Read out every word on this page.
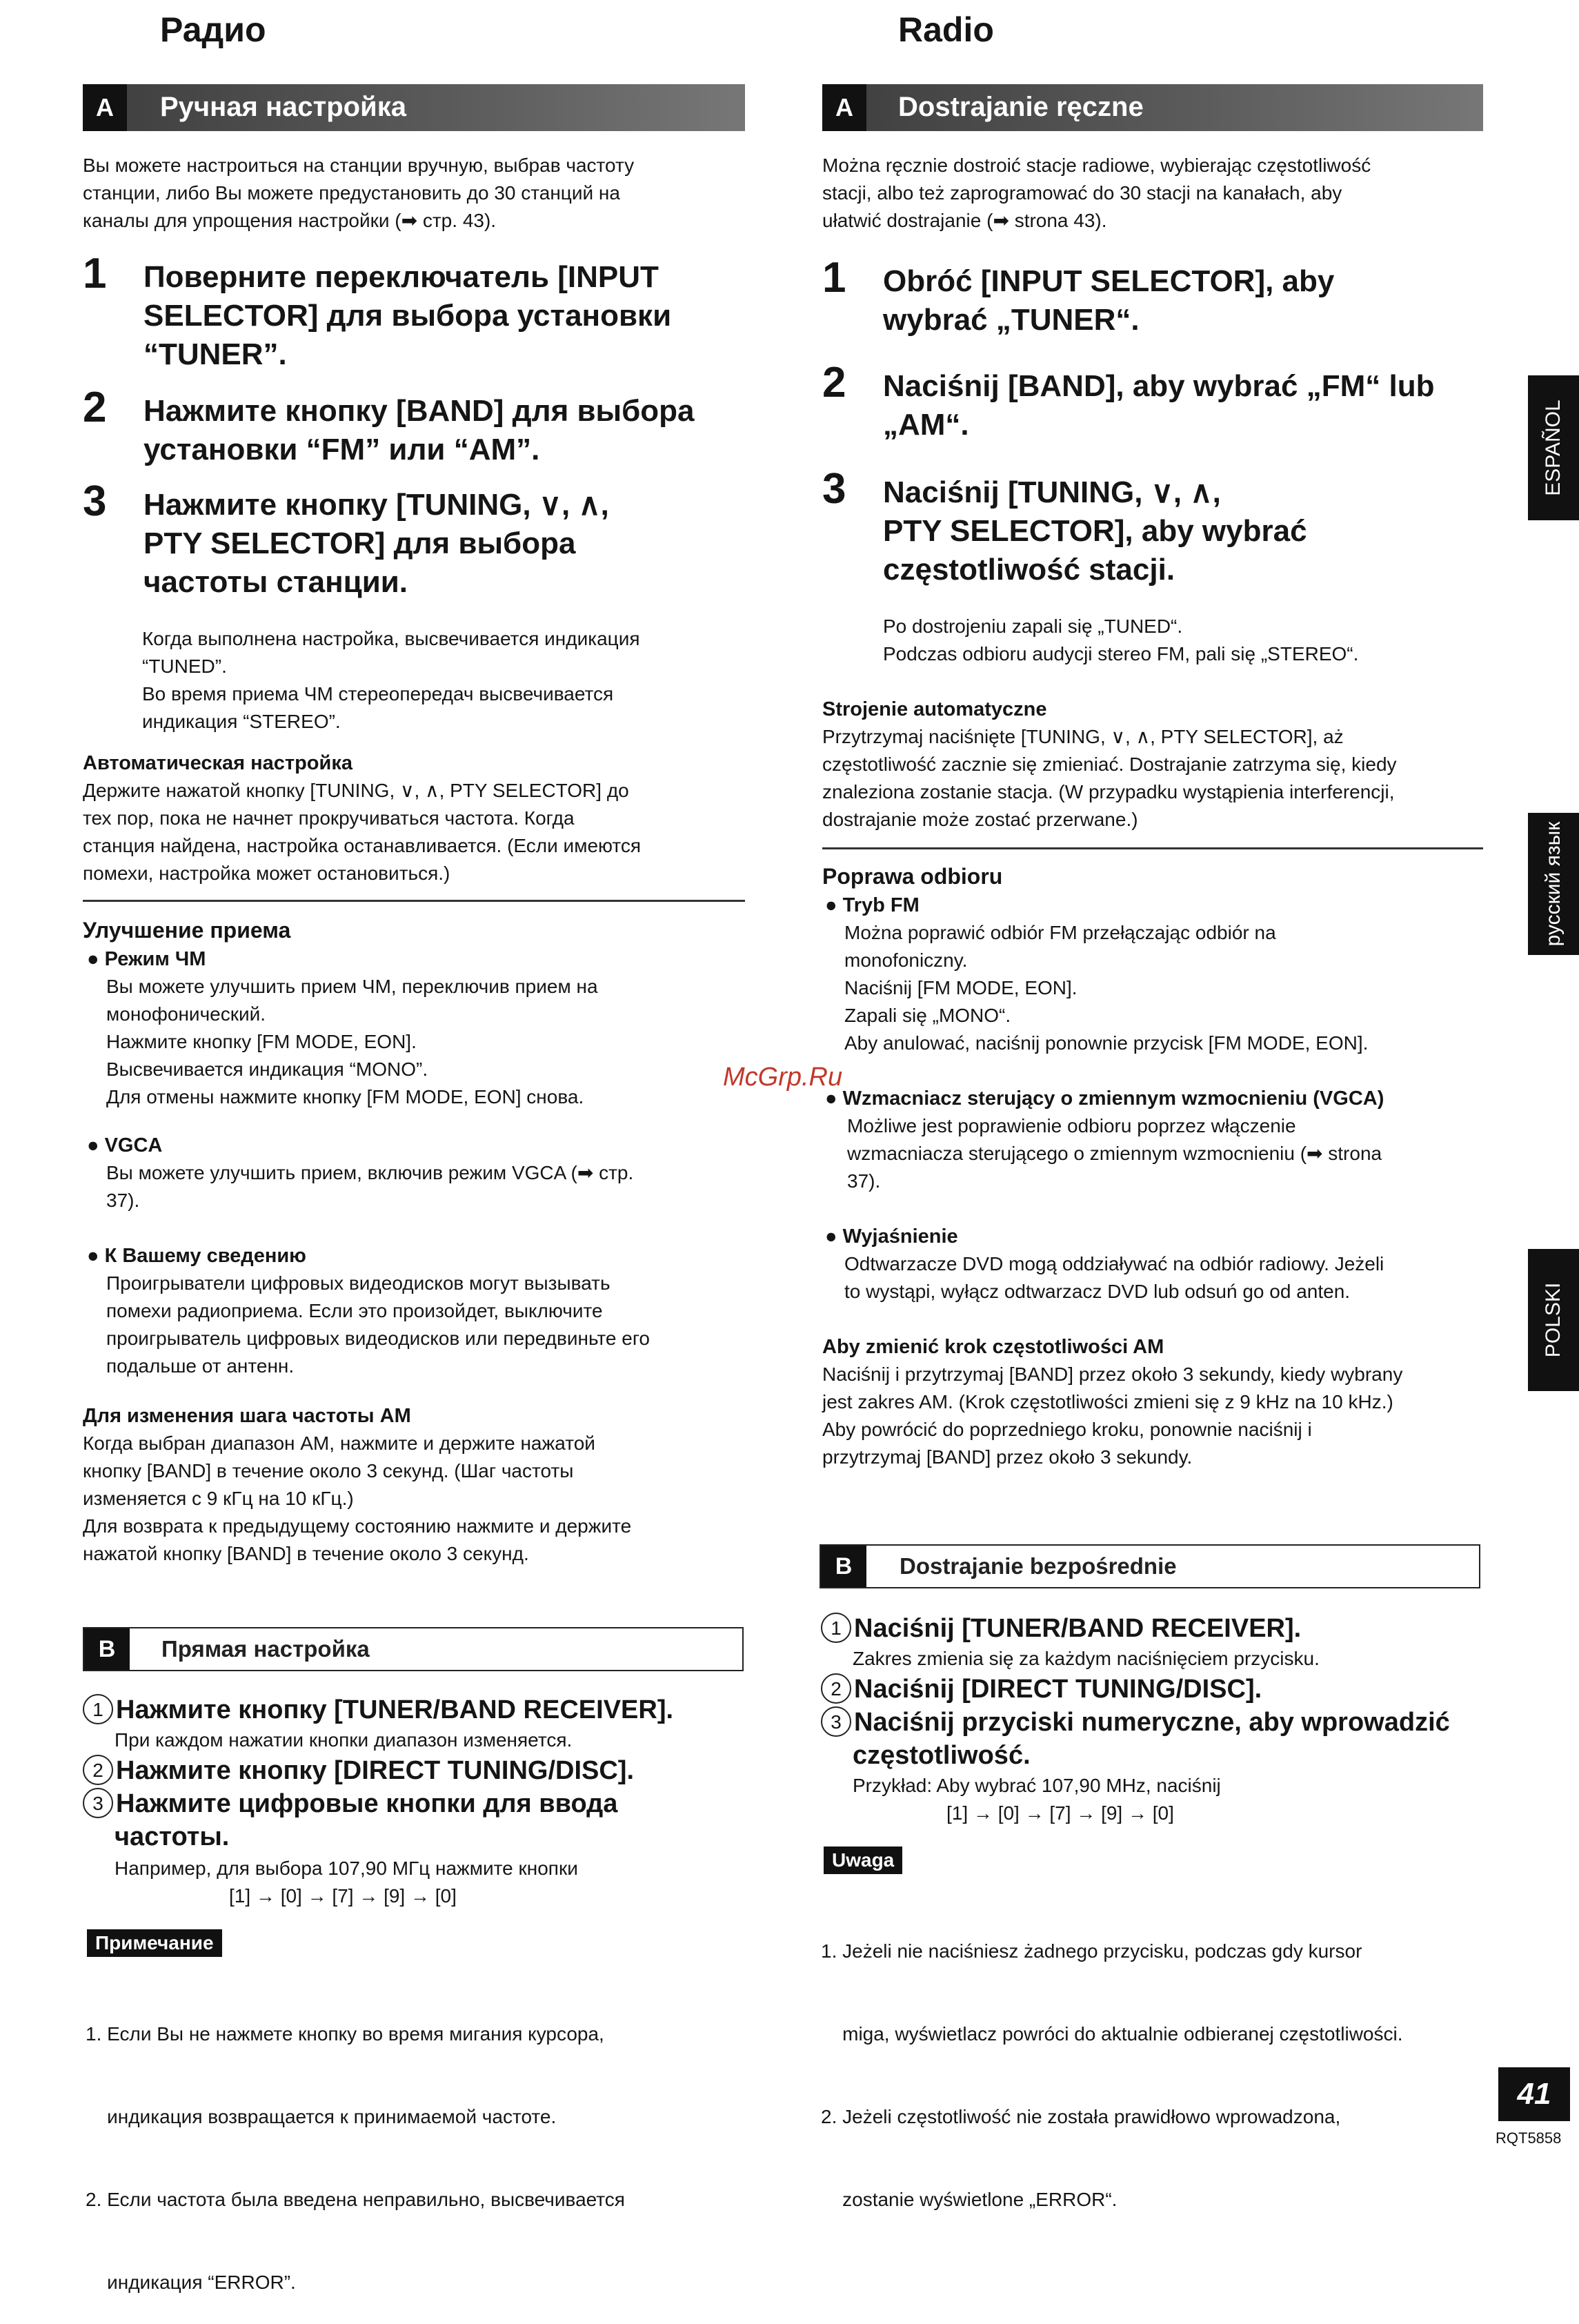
Радио
A	Ручная настройка

Вы можете настроиться на станции вручную, выбрав частоту

станции, либо Вы можете предустановить до 30 станций на

каналы для упрощения настройки (➡ стр. 43).

1 Поверните переключатель [INPUT
SELECTOR] для выбора установки
“TUNER”.
2 Нажмите кнопку [BAND] для выбора
установки “FM” или “AM”.
3 Нажмите кнопку [TUNING, ∨, ∧,
PTY SELECTOR] для выбора
частоты станции.

Когда выполнена настройка, высвечивается индикация

“TUNED”.

Во время приема ЧМ стереопередач высвечивается

индикация “STEREO”.

Автоматическая настройка

Держите нажатой кнопку [TUNING, ∨, ∧, PTY SELECTOR] до

тех пор, пока не начнет прокручиваться частота. Когда

станция найдена, настройка останавливается. (Если имеются

помехи, настройка может остановиться.)

Улучшение приема
● Режим ЧМ

Вы можете улучшить прием ЧМ, переключив прием на

монофонический.

Нажмите кнопку [FM MODE, EON].

Высвечивается индикация “MONO”.

Для отмены нажмите кнопку [FM MODE, EON] снова.

● VGCA

Вы можете улучшить прием, включив режим VGCA (➡ стр.

37).

● К Вашему сведению

Проигрыватели цифровых видеодисков могут вызывать

помехи радиоприема. Если это произойдет, выключите

проигрыватель цифровых видеодисков или передвиньте его

подальше от антенн.

Для изменения шага частоты AM

Когда выбран диапазон AM, нажмите и держите нажатой

кнопку [BAND] в течение около 3 секунд. (Шаг частоты

изменяется с 9 кГц на 10 кГц.)

Для возврата к предыдущему состоянию нажмите и держите

нажатой кнопку [BAND] в течение около 3 секунд.

B	Прямая настройка
1 Нажмите кнопку [TUNER/BAND RECEIVER].
При каждом нажатии кнопки диапазон изменяется.
2 Нажмите кнопку [DIRECT TUNING/DISC].
3 Нажмите цифровые кнопки для ввода
частоты.
Например, для выбора 107,90 МГц нажмите кнопки
[1] → [0] → [7] → [9] → [0]
Примечание

1. Если Вы не нажмете кнопку во время мигания курсора,

индикация возвращается к принимаемой частоте.

2. Если частота была введена неправильно, высвечивается

индикация “ERROR”.

Radio
A	Dostrajanie ręczne

Można ręcznie dostroić stacje radiowe, wybierając częstotliwość

stacji, albo też zaprogramować do 30 stacji na kanałach, aby

ułatwić dostrajanie (➡ strona 43).

1 Obróć [INPUT SELECTOR], aby
wybrać „TUNER“.
2 Naciśnij [BAND], aby wybrać „FM“ lub
„AM“.
3 Naciśnij [TUNING, ∨, ∧,
PTY SELECTOR], aby wybrać
częstotliwość stacji.

Po dostrojeniu zapali się „TUNED“.

Podczas odbioru audycji stereo FM, pali się „STEREO“.

Strojenie automatyczne

Przytrzymaj naciśnięte [TUNING, ∨, ∧, PTY SELECTOR], aż

częstotliwość zacznie się zmieniać. Dostrajanie zatrzyma się, kiedy

znaleziona zostanie stacja. (W przypadku wystąpienia interferencji,

dostrajanie może zostać przerwane.)

Poprawa odbioru
● Tryb FM

Można poprawić odbiór FM przełączając odbiór na

monofoniczny.

Naciśnij [FM MODE, EON].

Zapali się „MONO“.

Aby anulować, naciśnij ponownie przycisk [FM MODE, EON].

● Wzmacniacz sterujący o zmiennym wzmocnieniu (VGCA)

Możliwe jest poprawienie odbioru poprzez włączenie

wzmacniacza sterującego o zmiennym wzmocnieniu (➡ strona

37).

● Wyjaśnienie

Odtwarzacze DVD mogą oddziaływać na odbiór radiowy. Jeżeli

to wystąpi, wyłącz odtwarzacz DVD lub odsuń go od anten.

Aby zmienić krok częstotliwości AM

Naciśnij i przytrzymaj [BAND] przez około 3 sekundy, kiedy wybrany

jest zakres AM. (Krok częstotliwości zmieni się z 9 kHz na 10 kHz.)

Aby powrócić do poprzedniego kroku, ponownie naciśnij i

przytrzymaj [BAND] przez około 3 sekundy.

B	Dostrajanie bezpośrednie
1 Naciśnij [TUNER/BAND RECEIVER].
Zakres zmienia się za każdym naciśnięciem przycisku.
2 Naciśnij [DIRECT TUNING/DISC].
3 Naciśnij przyciski numeryczne, aby wprowadzić
częstotliwość.
Przykład: Aby wybrać 107,90 MHz, naciśnij
[1] → [0] → [7] → [9] → [0]
Uwaga

1. Jeżeli nie naciśniesz żadnego przycisku, podczas gdy kursor

miga, wyświetlacz powróci do aktualnie odbieranej częstotliwości.

2. Jeżeli częstotliwość nie została prawidłowo wprowadzona,

zostanie wyświetlone „ERROR“.

ESPAÑOL
русский язык
POLSKI
McGrp.Ru
41
RQT5858
